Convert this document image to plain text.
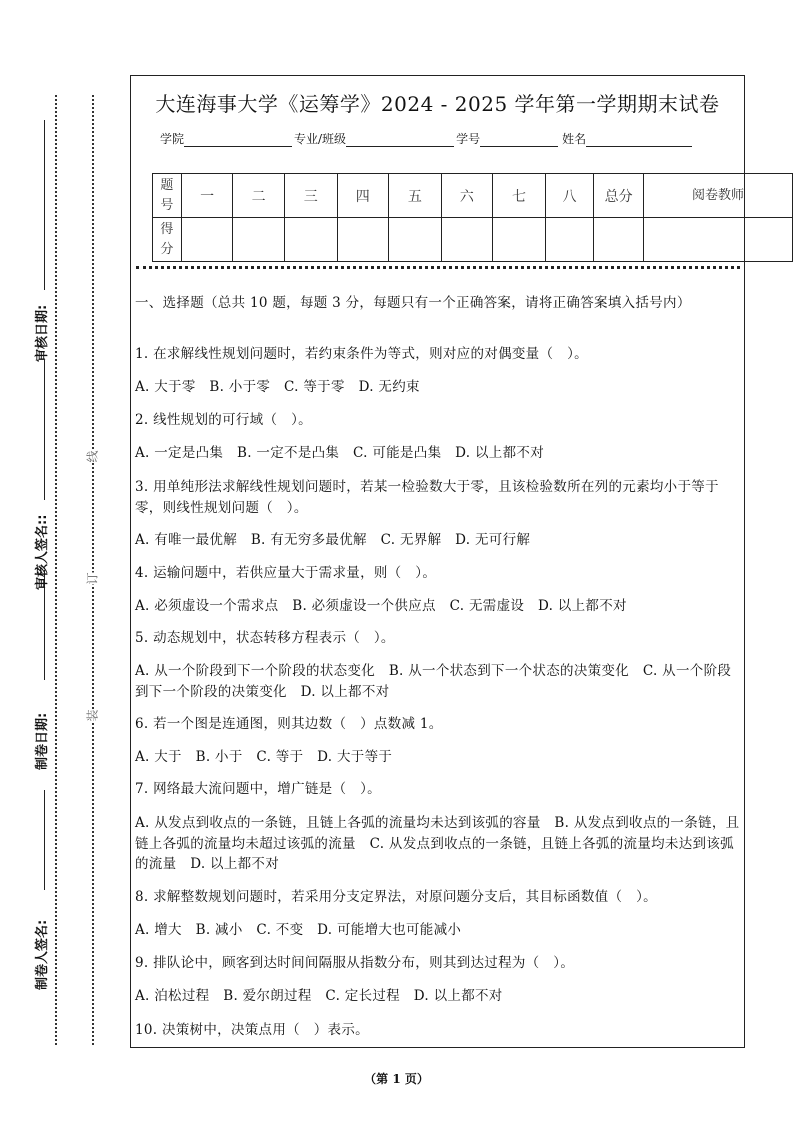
审核日期:
审核人签名::
制卷日期:
制卷人签名:
线
订
装
大连海事大学《运筹学》2024 - 2025 学年第一学期期末试卷
学院	专业/班级	学号	姓名
题号	一	二	三	四	五	六	七	八	总分	阅卷教师
得分										
一、选择题（总共 10 题，每题 3 分，每题只有一个正确答案，请将正确答案填入括号内）
1. 在求解线性规划问题时，若约束条件为等式，则对应的对偶变量（　）。
A. 大于零　B. 小于零　C. 等于零　D. 无约束
2. 线性规划的可行域（　）。
A. 一定是凸集　B. 一定不是凸集　C. 可能是凸集　D. 以上都不对
3. 用单纯形法求解线性规划问题时，若某一检验数大于零，且该检验数所在列的元素均小于等于零，则线性规划问题（　）。
A. 有唯一最优解　B. 有无穷多最优解　C. 无界解　D. 无可行解
4. 运输问题中，若供应量大于需求量，则（　）。
A. 必须虚设一个需求点　B. 必须虚设一个供应点　C. 无需虚设　D. 以上都不对
5. 动态规划中，状态转移方程表示（　）。
A. 从一个阶段到下一个阶段的状态变化　B. 从一个状态到下一个状态的决策变化　C. 从一个阶段到下一个阶段的决策变化　D. 以上都不对
6. 若一个图是连通图，则其边数（　）点数减 1。
A. 大于　B. 小于　C. 等于　D. 大于等于
7. 网络最大流问题中，增广链是（　）。
A. 从发点到收点的一条链，且链上各弧的流量均未达到该弧的容量　B. 从发点到收点的一条链，且链上各弧的流量均未超过该弧的流量　C. 从发点到收点的一条链，且链上各弧的流量均未达到该弧的流量　D. 以上都不对
8. 求解整数规划问题时，若采用分支定界法，对原问题分支后，其目标函数值（　）。
A. 增大　B. 减小　C. 不变　D. 可能增大也可能减小
9. 排队论中，顾客到达时间间隔服从指数分布，则其到达过程为（　）。
A. 泊松过程　B. 爱尔朗过程　C. 定长过程　D. 以上都不对
10. 决策树中，决策点用（　）表示。
（第 1 页）
